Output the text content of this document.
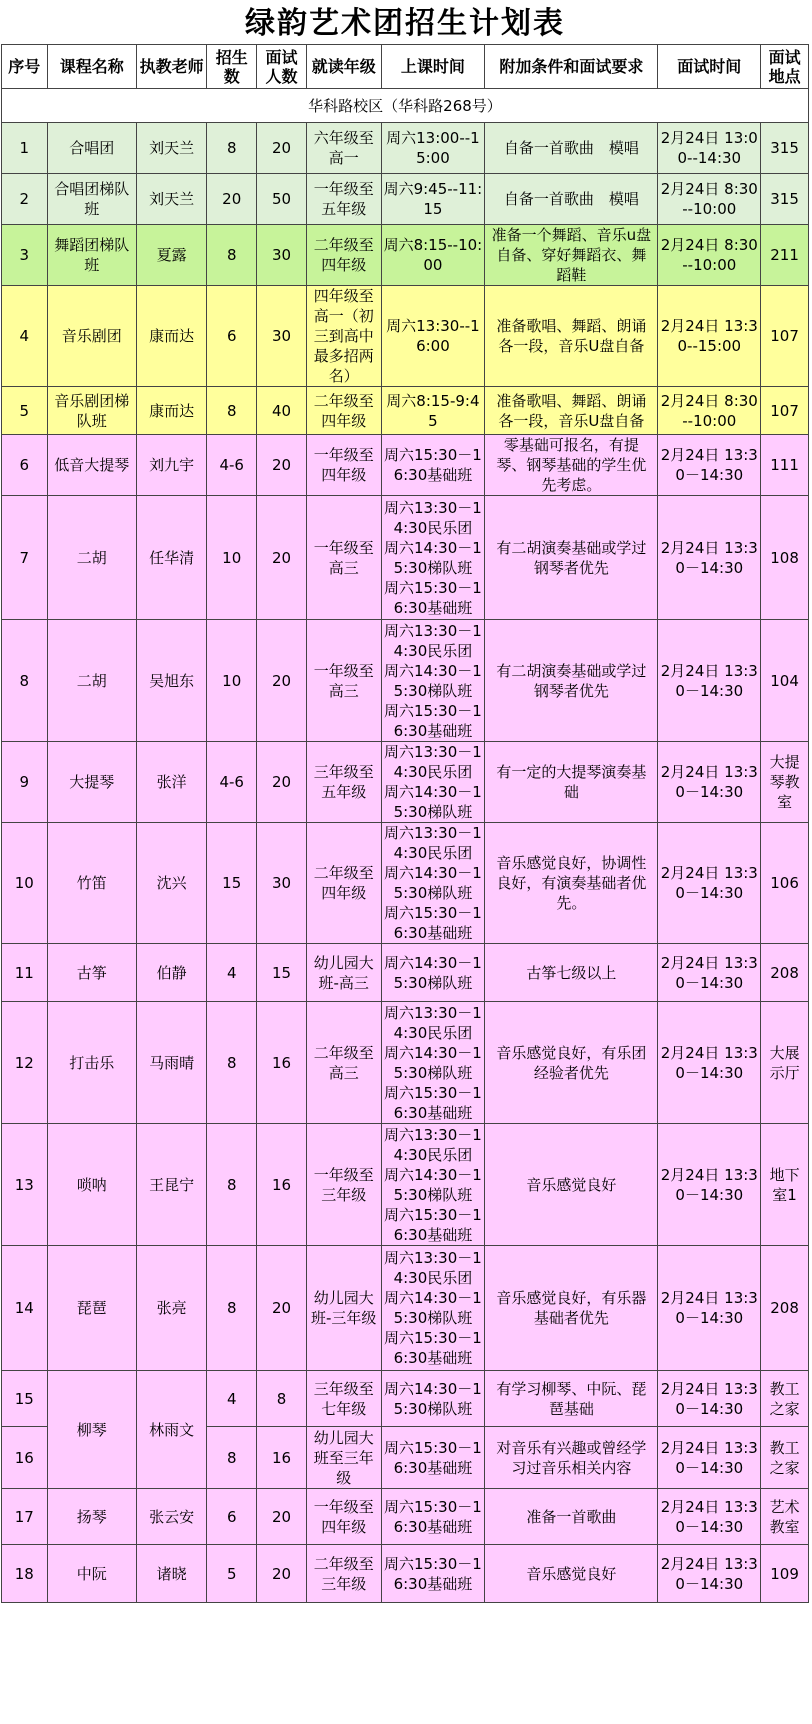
绿韵艺术团招生计划表									
序号	课程名称	执教老师	招生数	面试人数	就读年级	上课时间	附加条件和面试要求	面试时间	面试地点
华科路校区（华科路268号）									
1	合唱团	刘天兰	8	20	六年级至高一	周六13:00--15:00	自备一首歌曲　模唱	2月24日 13:00--14:30	315
2	合唱团梯队班	刘天兰	20	50	一年级至五年级	周六9:45--11:15	自备一首歌曲　模唱	2月24日 8:30--10:00	315
3	舞蹈团梯队班	夏露	8	30	二年级至四年级	周六8:15--10:00	准备一个舞蹈、音乐u盘自备、穿好舞蹈衣、舞蹈鞋	2月24日 8:30--10:00	211
4	音乐剧团	康而达	6	30	四年级至高一（初三到高中最多招两名）	周六13:30--16:00	准备歌唱、舞蹈、朗诵各一段，音乐U盘自备	2月24日 13:30--15:00	107
5	音乐剧团梯队班	康而达	8	40	二年级至四年级	周六8:15-9:45	准备歌唱、舞蹈、朗诵各一段，音乐U盘自备	2月24日 8:30--10:00	107
6	低音大提琴	刘九宇	4-6	20	一年级至四年级	周六15:30－16:30基础班	零基础可报名，有提琴、钢琴基础的学生优先考虑。	2月24日 13:30－14:30	111
7	二胡	任华清	10	20	一年级至高三	周六13:30－14:30民乐团
周六14:30－15:30梯队班
周六15:30－16:30基础班	有二胡演奏基础或学过钢琴者优先	2月24日 13:30－14:30	108
8	二胡	吴旭东	10	20	一年级至高三	周六13:30－14:30民乐团
周六14:30－15:30梯队班
周六15:30－16:30基础班	有二胡演奏基础或学过钢琴者优先	2月24日 13:30－14:30	104
9	大提琴	张洋	4-6	20	三年级至五年级	周六13:30－14:30民乐团
周六14:30－15:30梯队班	有一定的大提琴演奏基础	2月24日 13:30－14:30	大提琴教室
10	竹笛	沈兴	15	30	二年级至四年级	周六13:30－14:30民乐团
周六14:30－15:30梯队班
周六15:30－16:30基础班	音乐感觉良好，协调性良好，有演奏基础者优先。	2月24日 13:30－14:30	106
11	古筝	伯静	4	15	幼儿园大班-高三	周六14:30－15:30梯队班	古筝七级以上	2月24日 13:30－14:30	208
12	打击乐	马雨晴	8	16	二年级至高三	周六13:30－14:30民乐团
周六14:30－15:30梯队班
周六15:30－16:30基础班	音乐感觉良好，有乐团经验者优先	2月24日 13:30－14:30	大展示厅
13	唢呐	王昆宁	8	16	一年级至三年级	周六13:30－14:30民乐团
周六14:30－15:30梯队班
周六15:30－16:30基础班	音乐感觉良好	2月24日 13:30－14:30	地下室1
14	琵琶	张亮	8	20	幼儿园大班-三年级	周六13:30－14:30民乐团
周六14:30－15:30梯队班
周六15:30－16:30基础班	音乐感觉良好，有乐器基础者优先	2月24日 13:30－14:30	208
15	柳琴	林雨文	4	8	三年级至七年级	周六14:30－15:30梯队班	有学习柳琴、中阮、琵琶基础	2月24日 13:30－14:30	教工之家
16			8	16	幼儿园大班至三年级	周六15:30－16:30基础班	对音乐有兴趣或曾经学习过音乐相关内容	2月24日 13:30－14:30	教工之家
17	扬琴	张云安	6	20	一年级至四年级	周六15:30－16:30基础班	准备一首歌曲	2月24日 13:30－14:30	艺术教室
18	中阮	诸晓	5	20	二年级至三年级	周六15:30－16:30基础班	音乐感觉良好	2月24日 13:30－14:30	109
